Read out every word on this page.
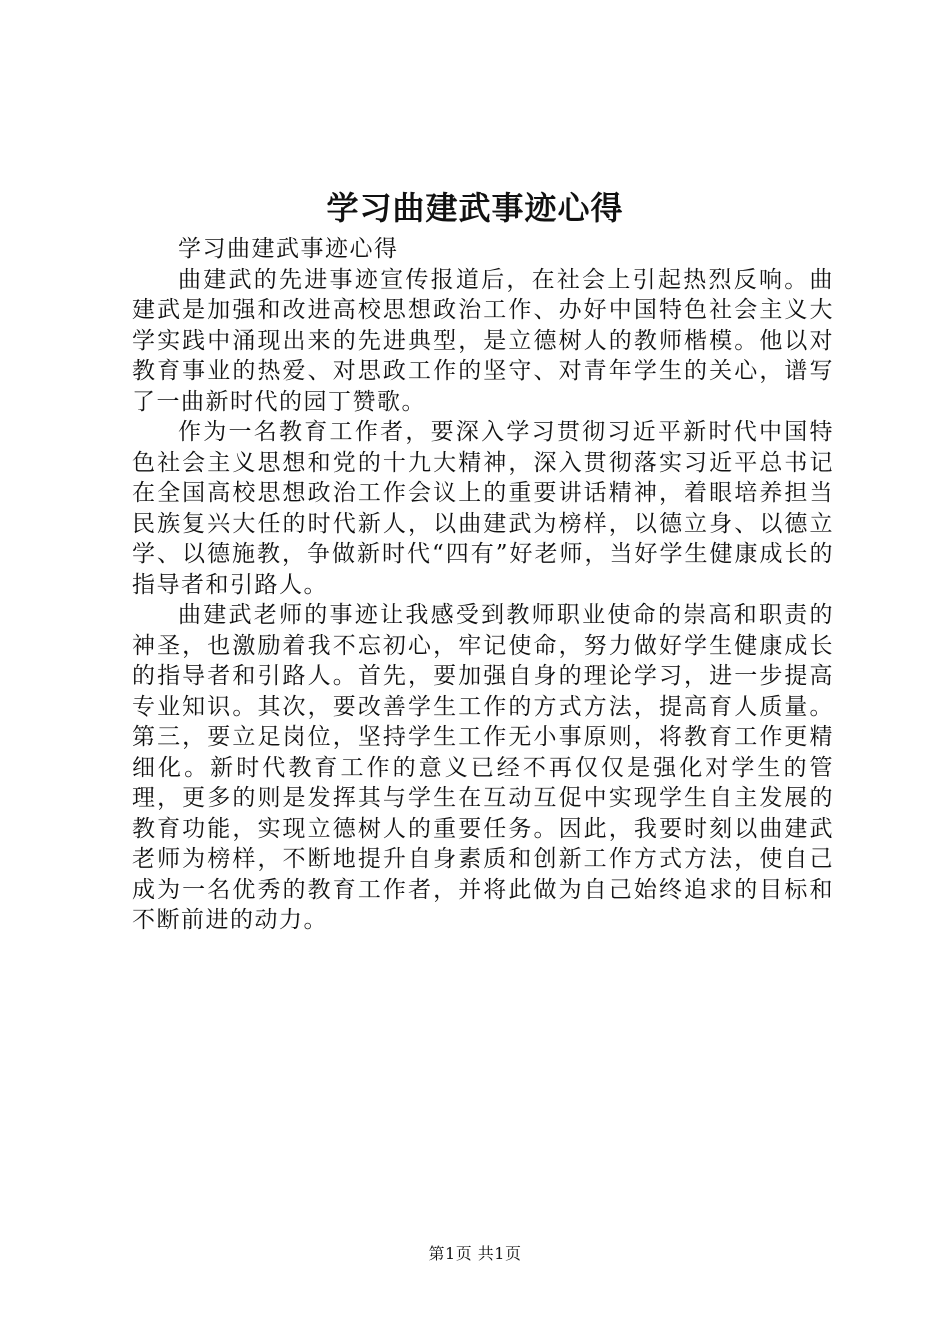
学习曲建武事迹心得

学习曲建武事迹心得

曲建武的先进事迹宣传报道后，在社会上引起热烈反响。曲建武是加强和改进高校思想政治工作、办好中国特色社会主义大学实践中涌现出来的先进典型，是立德树人的教师楷模。他以对教育事业的热爱、对思政工作的坚守、对青年学生的关心，谱写了一曲新时代的园丁赞歌。

作为一名教育工作者，要深入学习贯彻习近平新时代中国特色社会主义思想和党的十九大精神，深入贯彻落实习近平总书记在全国高校思想政治工作会议上的重要讲话精神，着眼培养担当民族复兴大任的时代新人，以曲建武为榜样，以德立身、以德立学、以德施教，争做新时代“四有”好老师，当好学生健康成长的指导者和引路人。

曲建武老师的事迹让我感受到教师职业使命的崇高和职责的神圣，也激励着我不忘初心，牢记使命，努力做好学生健康成长的指导者和引路人。首先，要加强自身的理论学习，进一步提高专业知识。其次，要改善学生工作的方式方法，提高育人质量。第三，要立足岗位，坚持学生工作无小事原则，将教育工作更精细化。新时代教育工作的意义已经不再仅仅是强化对学生的管理，更多的则是发挥其与学生在互动互促中实现学生自主发展的教育功能，实现立德树人的重要任务。因此，我要时刻以曲建武老师为榜样，不断地提升自身素质和创新工作方式方法，使自己成为一名优秀的教育工作者，并将此做为自己始终追求的目标和不断前进的动力。

第1页 共1页
